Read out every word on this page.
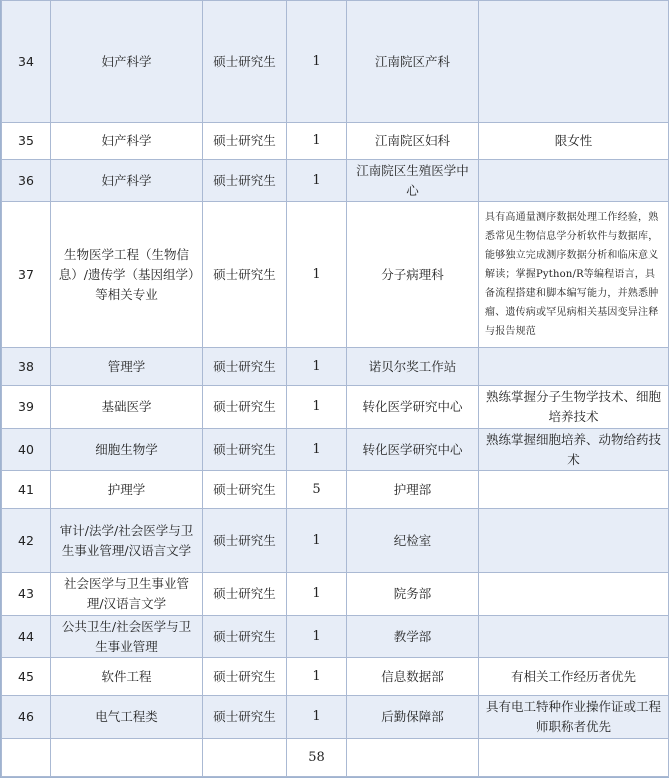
34	妇产科学	硕士研究生	1	江南院区产科	
35	妇产科学	硕士研究生	1	江南院区妇科	限女性
36	妇产科学	硕士研究生	1	江南院区生殖医学中心	
37	生物医学工程（生物信息）/遗传学（基因组学）等相关专业	硕士研究生	1	分子病理科	具有高通量测序数据处理工作经验，熟悉常见生物信息学分析软件与数据库，能够独立完成测序数据分析和临床意义解读；掌握Python/R等编程语言，具备流程搭建和脚本编写能力，并熟悉肿瘤、遗传病或罕见病相关基因变异注释与报告规范
38	管理学	硕士研究生	1	诺贝尔奖工作站	
39	基础医学	硕士研究生	1	转化医学研究中心	熟练掌握分子生物学技术、细胞培养技术
40	细胞生物学	硕士研究生	1	转化医学研究中心	熟练掌握细胞培养、动物给药技术
41	护理学	硕士研究生	5	护理部	
42	审计/法学/社会医学与卫生事业管理/汉语言文学	硕士研究生	1	纪检室	
43	社会医学与卫生事业管理/汉语言文学	硕士研究生	1	院务部	
44	公共卫生/社会医学与卫生事业管理	硕士研究生	1	教学部	
45	软件工程	硕士研究生	1	信息数据部	有相关工作经历者优先
46	电气工程类	硕士研究生	1	后勤保障部	具有电工特种作业操作证或工程师职称者优先
			58		
